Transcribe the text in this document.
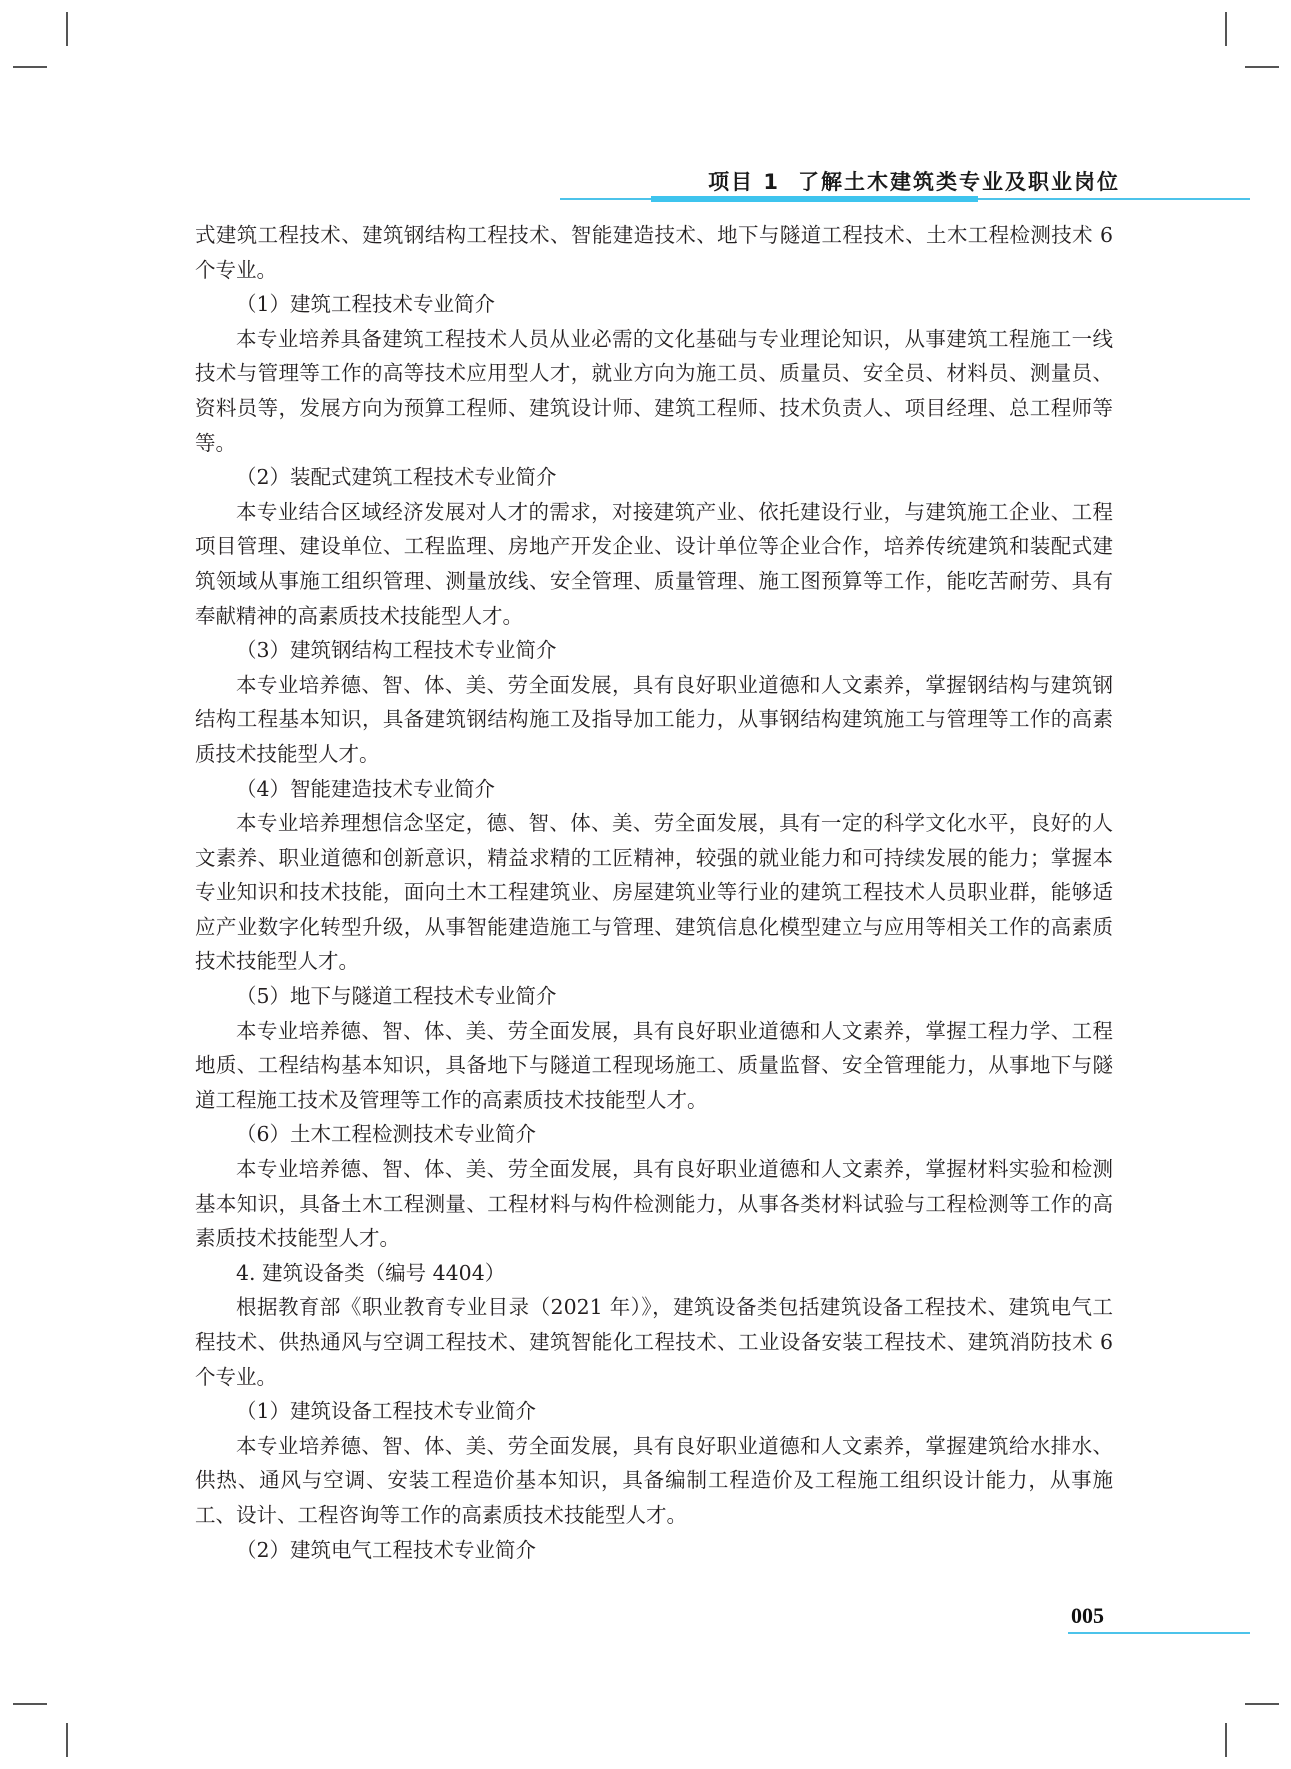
项目 1 了解土木建筑类专业及职业岗位

式建筑工程技术、建筑钢结构工程技术、智能建造技术、地下与隧道工程技术、土木工程检测技术 6 个专业。

（1）建筑工程技术专业简介

本专业培养具备建筑工程技术人员从业必需的文化基础与专业理论知识，从事建筑工程施工一线技术与管理等工作的高等技术应用型人才，就业方向为施工员、质量员、安全员、材料员、测量员、资料员等，发展方向为预算工程师、建筑设计师、建筑工程师、技术负责人、项目经理、总工程师等等。

（2）装配式建筑工程技术专业简介

本专业结合区域经济发展对人才的需求，对接建筑产业、依托建设行业，与建筑施工企业、工程项目管理、建设单位、工程监理、房地产开发企业、设计单位等企业合作，培养传统建筑和装配式建筑领域从事施工组织管理、测量放线、安全管理、质量管理、施工图预算等工作，能吃苦耐劳、具有奉献精神的高素质技术技能型人才。

（3）建筑钢结构工程技术专业简介

本专业培养德、智、体、美、劳全面发展，具有良好职业道德和人文素养，掌握钢结构与建筑钢结构工程基本知识，具备建筑钢结构施工及指导加工能力，从事钢结构建筑施工与管理等工作的高素质技术技能型人才。

（4）智能建造技术专业简介

本专业培养理想信念坚定，德、智、体、美、劳全面发展，具有一定的科学文化水平，良好的人文素养、职业道德和创新意识，精益求精的工匠精神，较强的就业能力和可持续发展的能力；掌握本专业知识和技术技能，面向土木工程建筑业、房屋建筑业等行业的建筑工程技术人员职业群，能够适应产业数字化转型升级，从事智能建造施工与管理、建筑信息化模型建立与应用等相关工作的高素质技术技能型人才。

（5）地下与隧道工程技术专业简介

本专业培养德、智、体、美、劳全面发展，具有良好职业道德和人文素养，掌握工程力学、工程地质、工程结构基本知识，具备地下与隧道工程现场施工、质量监督、安全管理能力，从事地下与隧道工程施工技术及管理等工作的高素质技术技能型人才。

（6）土木工程检测技术专业简介

本专业培养德、智、体、美、劳全面发展，具有良好职业道德和人文素养，掌握材料实验和检测基本知识，具备土木工程测量、工程材料与构件检测能力，从事各类材料试验与工程检测等工作的高素质技术技能型人才。

4. 建筑设备类（编号 4404）

根据教育部《职业教育专业目录（2021 年）》，建筑设备类包括建筑设备工程技术、建筑电气工程技术、供热通风与空调工程技术、建筑智能化工程技术、工业设备安装工程技术、建筑消防技术 6 个专业。

（1）建筑设备工程技术专业简介

本专业培养德、智、体、美、劳全面发展，具有良好职业道德和人文素养，掌握建筑给水排水、供热、通风与空调、安装工程造价基本知识，具备编制工程造价及工程施工组织设计能力，从事施工、设计、工程咨询等工作的高素质技术技能型人才。

（2）建筑电气工程技术专业简介

005
